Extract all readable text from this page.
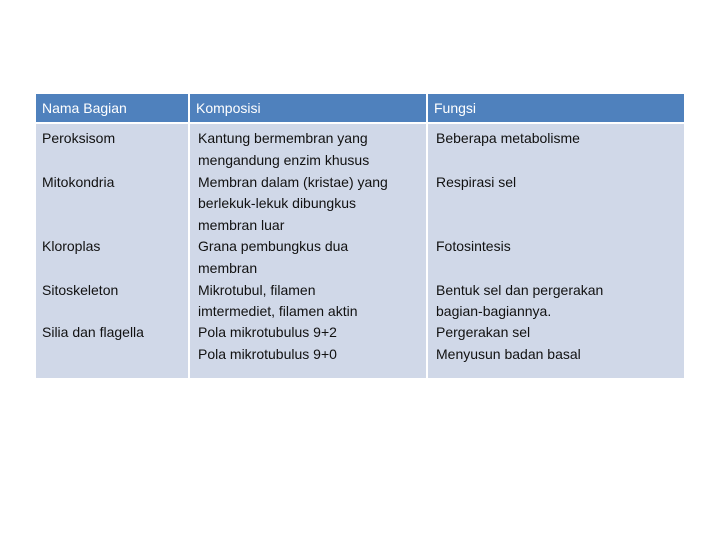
Nama Bagian	Komposisi	Fungsi
Peroksisom
Mitokondria
Kloroplas
Sitoskeleton
Silia dan flagella
Kantung bermembran yang
mengandung enzim khusus
Membran dalam (kristae) yang
berlekuk-lekuk dibungkus
membran luar
Grana pembungkus dua
membran
Mikrotubul, filamen
imtermediet, filamen aktin
Pola mikrotubulus 9+2
Pola mikrotubulus 9+0
Beberapa metabolisme
Respirasi sel
Fotosintesis
Bentuk sel dan pergerakan
bagian-bagiannya.
Pergerakan sel
Menyusun badan basal
